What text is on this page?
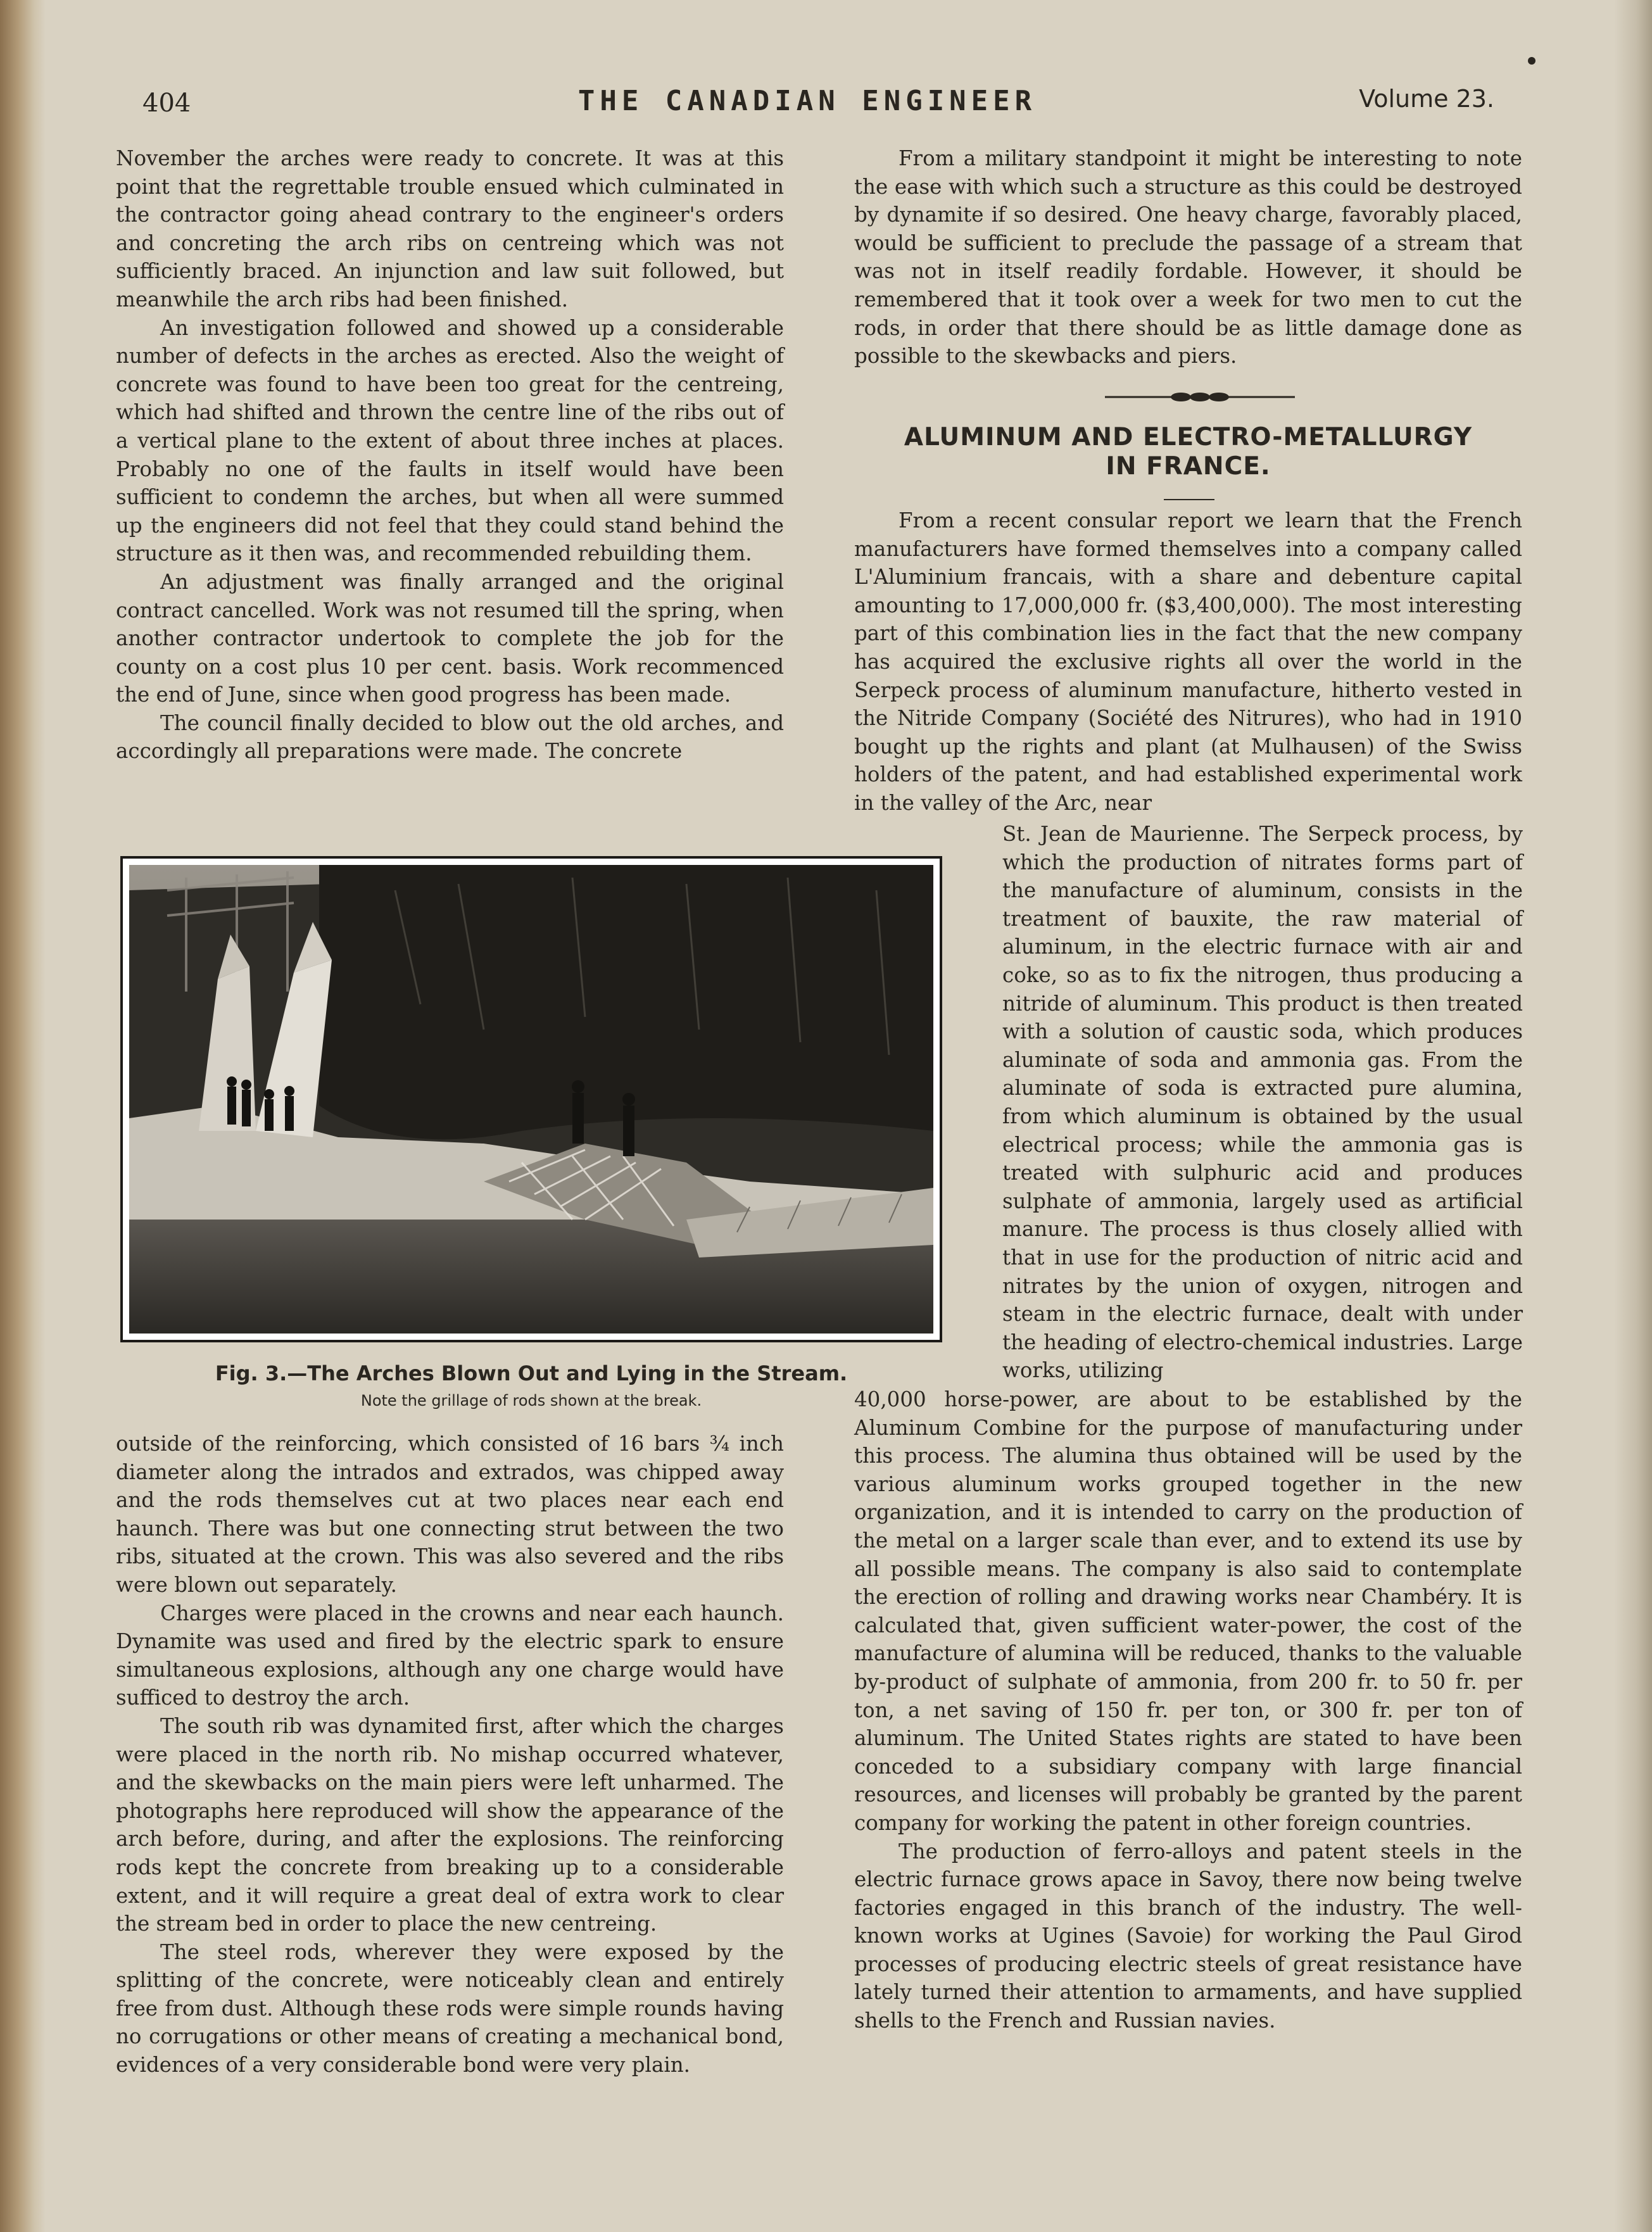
404	THE CANADIAN ENGINEER	Volume 23.

November the arches were ready to concrete. It was at this point that the regrettable trouble ensued which culminated in the contractor going ahead contrary to the engineer's orders and concreting the arch ribs on centreing which was not sufficiently braced. An injunction and law suit followed, but meanwhile the arch ribs had been finished.

An investigation followed and showed up a considerable number of defects in the arches as erected. Also the weight of concrete was found to have been too great for the centreing, which had shifted and thrown the centre line of the ribs out of a vertical plane to the extent of about three inches at places. Probably no one of the faults in itself would have been sufficient to condemn the arches, but when all were summed up the engineers did not feel that they could stand behind the structure as it then was, and recommended rebuilding them.

An adjustment was finally arranged and the original contract cancelled. Work was not resumed till the spring, when another contractor undertook to complete the job for the county on a cost plus 10 per cent. basis. Work recommenced the end of June, since when good progress has been made.

The council finally decided to blow out the old arches, and accordingly all preparations were made. The concrete

Fig. 3.—The Arches Blown Out and Lying in the Stream.
Note the grillage of rods shown at the break.

outside of the reinforcing, which consisted of 16 bars ¾ inch diameter along the intrados and extrados, was chipped away and the rods themselves cut at two places near each end haunch. There was but one connecting strut between the two ribs, situated at the crown. This was also severed and the ribs were blown out separately.

Charges were placed in the crowns and near each haunch. Dynamite was used and fired by the electric spark to ensure simultaneous explosions, although any one charge would have sufficed to destroy the arch.

The south rib was dynamited first, after which the charges were placed in the north rib. No mishap occurred whatever, and the skewbacks on the main piers were left unharmed. The photographs here reproduced will show the appearance of the arch before, during, and after the explosions. The reinforcing rods kept the concrete from breaking up to a considerable extent, and it will require a great deal of extra work to clear the stream bed in order to place the new centreing.

The steel rods, wherever they were exposed by the splitting of the concrete, were noticeably clean and entirely free from dust. Although these rods were simple rounds having no corrugations or other means of creating a mechanical bond, evidences of a very considerable bond were very plain.

From a military standpoint it might be interesting to note the ease with which such a structure as this could be destroyed by dynamite if so desired. One heavy charge, favorably placed, would be sufficient to preclude the passage of a stream that was not in itself readily fordable. However, it should be remembered that it took over a week for two men to cut the rods, in order that there should be as little damage done as possible to the skewbacks and piers.

ALUMINUM AND ELECTRO-METALLURGY
IN FRANCE.

From a recent consular report we learn that the French manufacturers have formed themselves into a company called L'Aluminium francais, with a share and debenture capital amounting to 17,000,000 fr. ($3,400,000). The most interesting part of this combination lies in the fact that the new company has acquired the exclusive rights all over the world in the Serpeck process of aluminum manufacture, hitherto vested in the Nitride Company (Société des Nitrures), who had in 1910 bought up the rights and plant (at Mulhausen) of the Swiss holders of the patent, and had established experimental work in the valley of the Arc, near

St. Jean de Maurienne. The Serpeck process, by which the production of nitrates forms part of the manufacture of aluminum, consists in the treatment of bauxite, the raw material of aluminum, in the electric furnace with air and coke, so as to fix the nitrogen, thus producing a nitride of aluminum. This product is then treated with a solution of caustic soda, which produces aluminate of soda and ammonia gas. From the aluminate of soda is extracted pure alumina, from which aluminum is obtained by the usual electrical process; while the ammonia gas is treated with sulphuric acid and produces sulphate of ammonia, largely used as artificial manure. The process is thus closely allied with that in use for the production of nitric acid and nitrates by the union of oxygen, nitrogen and steam in the electric furnace, dealt with under the heading of electro-chemical industries. Large works, utilizing

40,000 horse-power, are about to be established by the Aluminum Combine for the purpose of manufacturing under this process. The alumina thus obtained will be used by the various aluminum works grouped together in the new organization, and it is intended to carry on the production of the metal on a larger scale than ever, and to extend its use by all possible means. The company is also said to contemplate the erection of rolling and drawing works near Chambéry. It is calculated that, given sufficient water-power, the cost of the manufacture of alumina will be reduced, thanks to the valuable by-product of sulphate of ammonia, from 200 fr. to 50 fr. per ton, a net saving of 150 fr. per ton, or 300 fr. per ton of aluminum. The United States rights are stated to have been conceded to a subsidiary company with large financial resources, and licenses will probably be granted by the parent company for working the patent in other foreign countries.

The production of ferro-alloys and patent steels in the electric furnace grows apace in Savoy, there now being twelve factories engaged in this branch of the industry. The well-known works at Ugines (Savoie) for working the Paul Girod processes of producing electric steels of great resistance have lately turned their attention to armaments, and have supplied shells to the French and Russian navies.
